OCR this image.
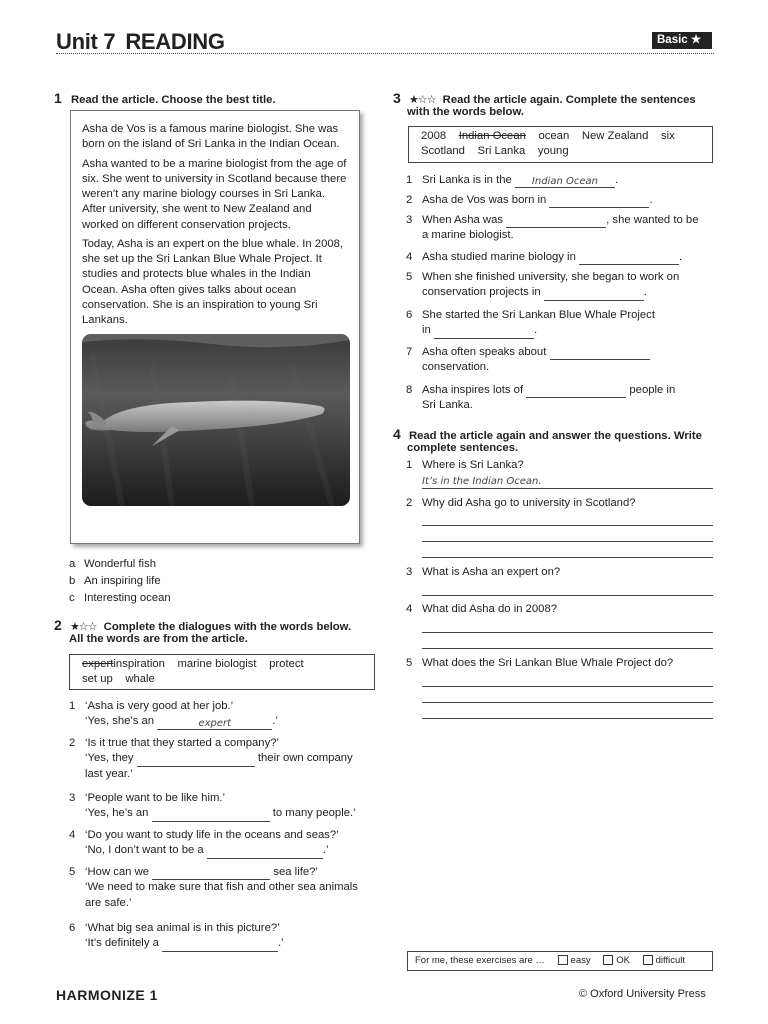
Unit 7 READING	Basic ★
1 Read the article. Choose the best title.

Asha de Vos is a famous marine biologist. She was born on the island of Sri Lanka in the Indian Ocean.

Asha wanted to be a marine biologist from the age of six. She went to university in Scotland because there weren’t any marine biology courses in Sri Lanka. After university, she went to New Zealand and worked on different conservation projects.

Today, Asha is an expert on the blue whale. In 2008, she set up the Sri Lankan Blue Whale Project. It studies and protects blue whales in the Indian Ocean. Asha often gives talks about ocean conservation. She is an inspiration to young Sri Lankans.

a Wonderful fish
b An inspiring life
c Interesting ocean
2 ★☆☆ Complete the dialogues with the words below.
All the words are from the article.
expertinspiration    marine biologist    protect
set up    whale
1 ‘Asha is very good at her job.’
‘Yes, she’s an	expert	.’
2 ‘Is it true that they started a company?’
‘Yes, they	their own company
last year.’
3 ‘People want to be like him.’
‘Yes, he’s an	to many people.’
4 ‘Do you want to study life in the oceans and seas?’
‘No, I don’t want to be a	.’
5 ‘How can we	sea life?’
‘We need to make sure that fish and other sea animals
are safe.’
6 ‘What big sea animal is in this picture?’
‘It’s definitely a	.’
3 ★☆☆ Read the article again. Complete the sentences
with the words below.
2008 Indian Ocean ocean New Zealand six
Scotland Sri Lanka young
1 Sri Lanka is in the Indian Ocean .
2 Asha de Vos was born in	.
3 When Asha was	, she wanted to be
a marine biologist.
4 Asha studied marine biology in	.
5 When she finished university, she began to work on
conservation projects in	.
6 She started the Sri Lankan Blue Whale Project
in	.
7 Asha often speaks about
conservation.
8 Asha inspires lots of	people in
Sri Lanka.
4 Read the article again and answer the questions. Write
complete sentences.
1 Where is Sri Lanka?
It’s in the Indian Ocean.
2 Why did Asha go to university in Scotland?
3 What is Asha an expert on?
4 What did Asha do in 2008?
5 What does the Sri Lankan Blue Whale Project do?
For me, these exercises are …	easy	OK	difficult
HARMONIZE 1	© Oxford University Press
